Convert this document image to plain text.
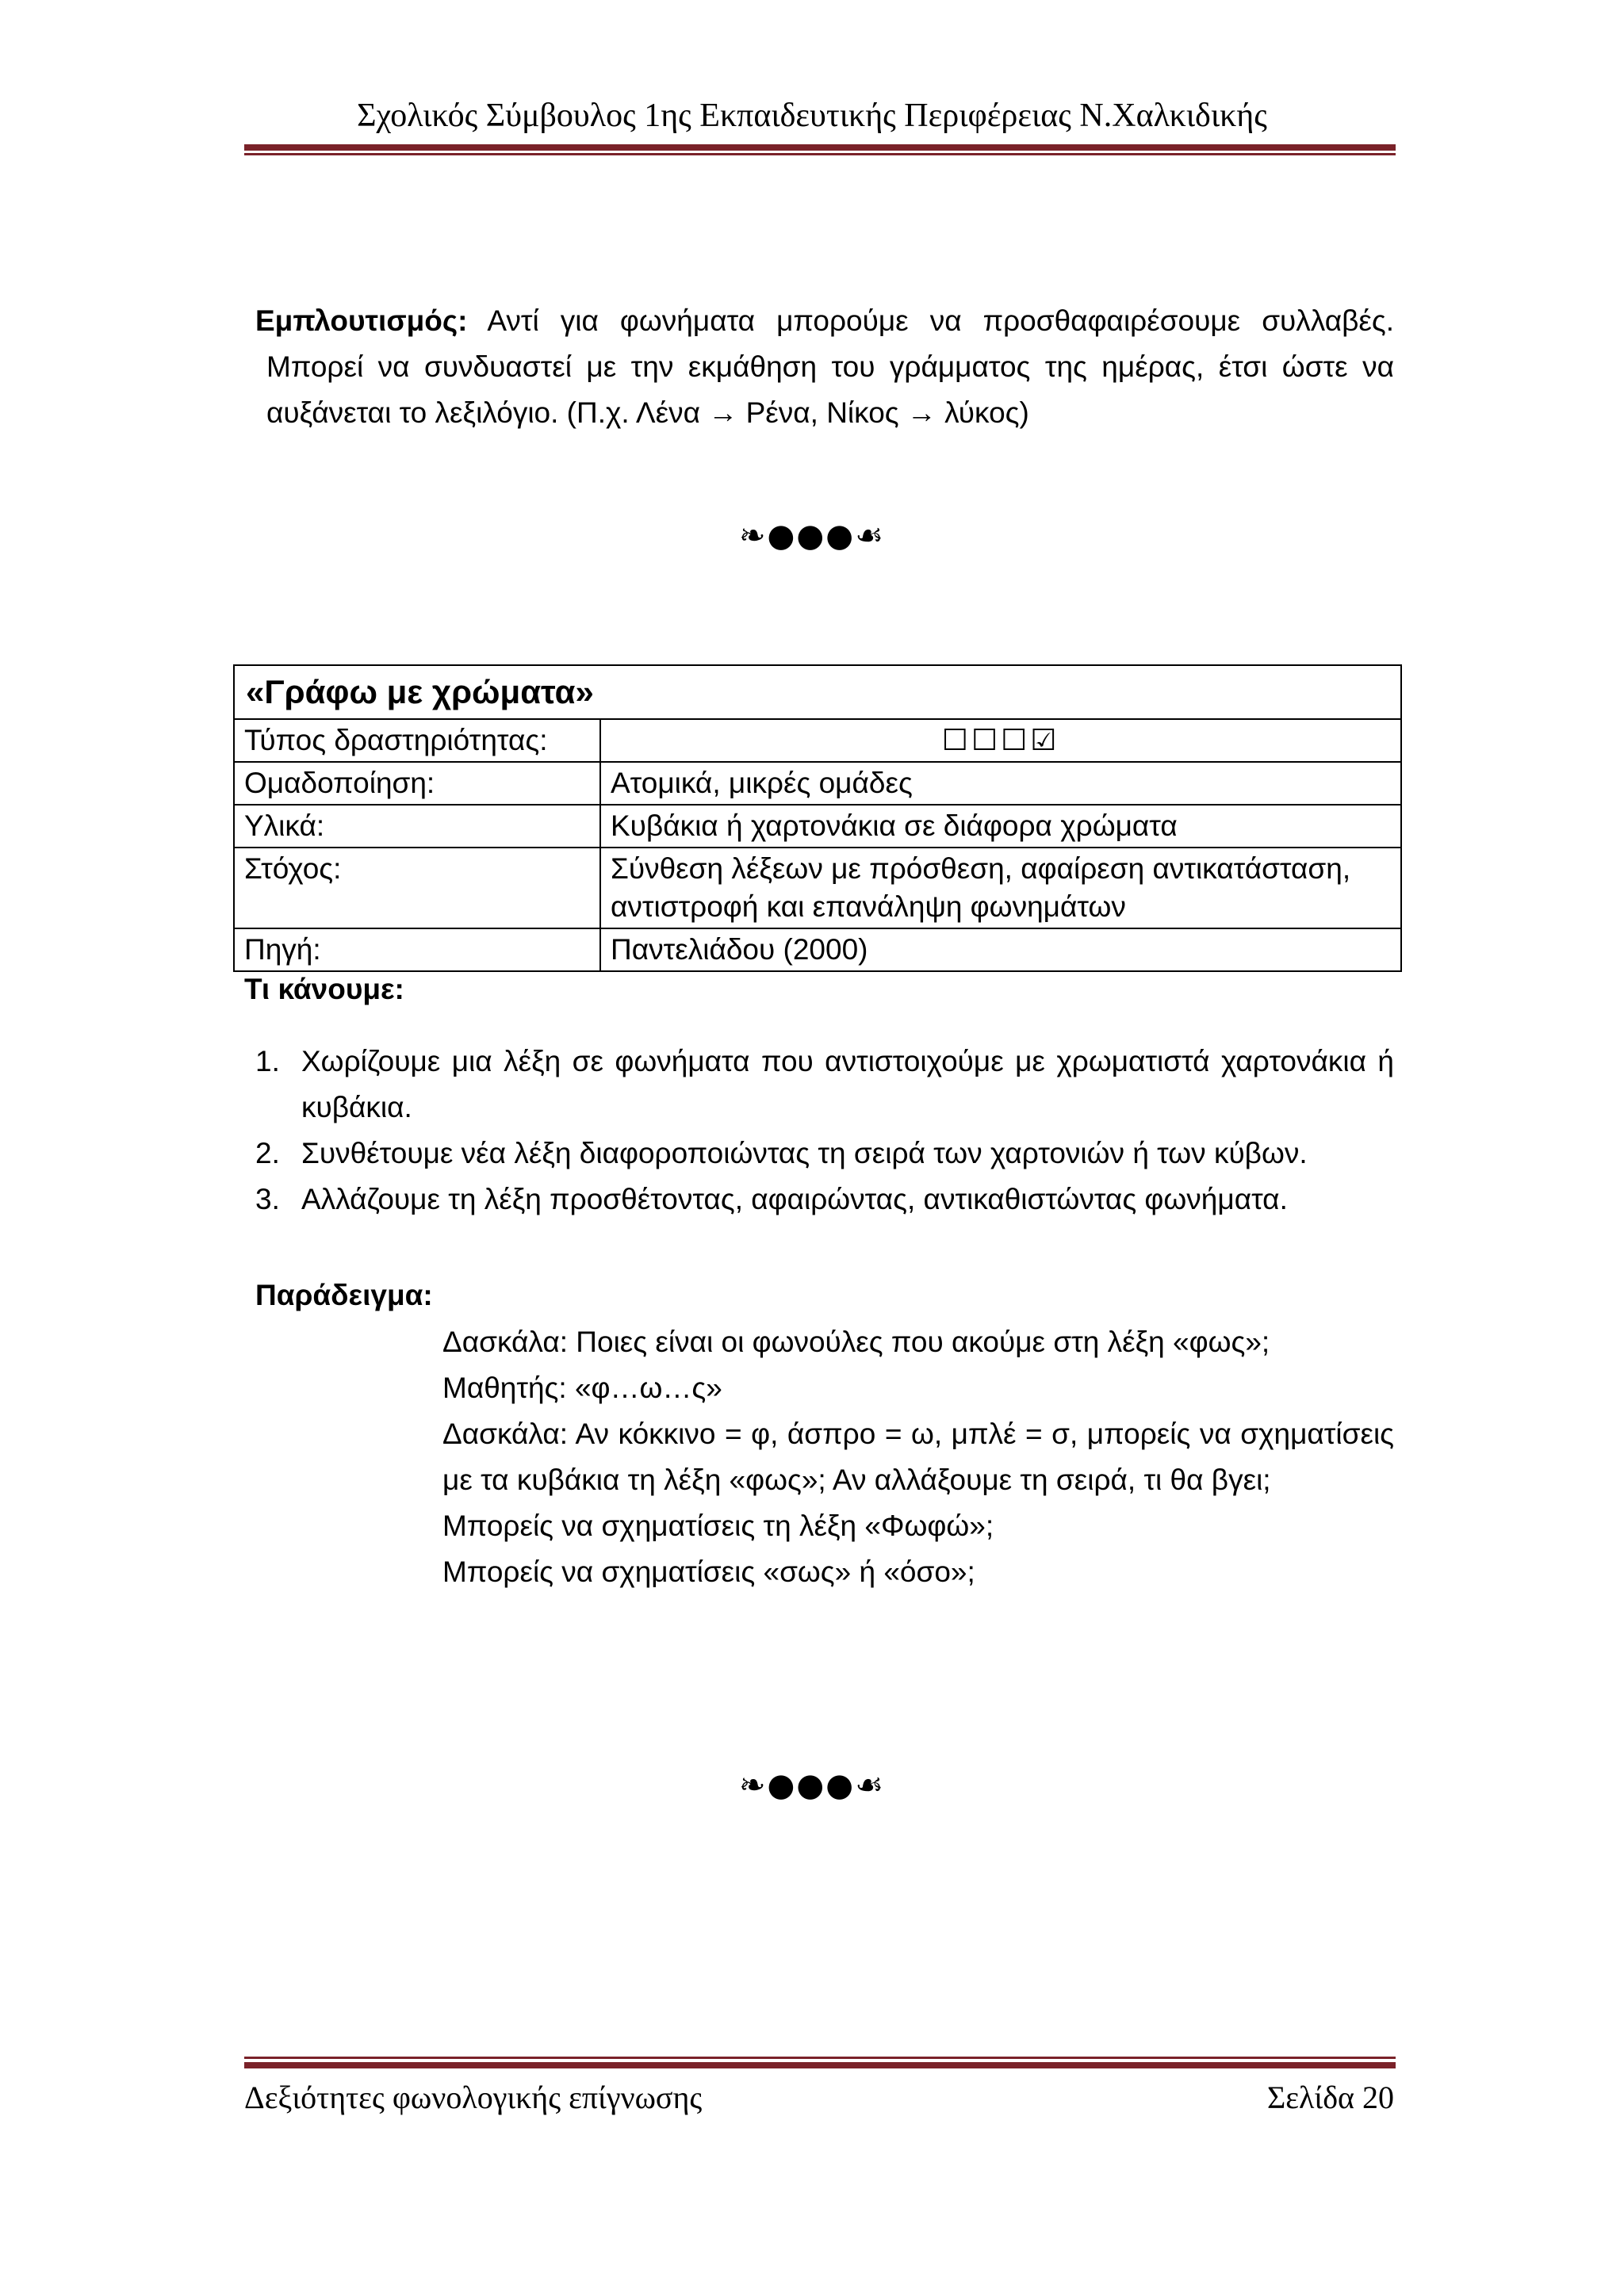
Σχολικός Σύμβουλος 1ης Εκπαιδευτικής Περιφέρειας Ν.Χαλκιδικής
Εμπλουτισμός: Αντί για φωνήματα μπορούμε να προσθαφαιρέσουμε συλλαβές.
Μπορεί να συνδυαστεί με την εκμάθηση του γράμματος της ημέρας, έτσι ώστε να
αυξάνεται το λεξιλόγιο. (Π.χ. Λένα → Ρένα, Νίκος → λύκος)
❧●●●☙
«Γράφω με χρώματα»	
Τύπος δραστηριότητας:	☐☐☐☑
Ομαδοποίηση:	Ατομικά, μικρές ομάδες
Υλικά:	Κυβάκια ή χαρτονάκια σε διάφορα χρώματα
Στόχος:	Σύνθεση λέξεων με πρόσθεση, αφαίρεση αντικατάσταση, αντιστροφή και επανάληψη φωνημάτων
Πηγή:	Παντελιάδου (2000)
Τι κάνουμε:
1. Χωρίζουμε μια λέξη σε φωνήματα που αντιστοιχούμε με χρωματιστά χαρτονάκια ή κυβάκια.
2. Συνθέτουμε νέα λέξη διαφοροποιώντας τη σειρά των χαρτονιών ή των κύβων.
3. Αλλάζουμε τη λέξη προσθέτοντας, αφαιρώντας, αντικαθιστώντας φωνήματα.
Παράδειγμα:

Δασκάλα: Ποιες είναι οι φωνούλες που ακούμε στη λέξη «φως»;

Μαθητής: «φ…ω…ς»

Δασκάλα: Αν κόκκινο = φ, άσπρο = ω, μπλέ = σ, μπορείς να σχηματίσεις με τα κυβάκια τη λέξη «φως»; Αν αλλάξουμε τη σειρά, τι θα βγει;

Μπορείς να σχηματίσεις τη λέξη «Φωφώ»;

Μπορείς να σχηματίσεις «σως» ή «όσο»;

❧●●●☙
Δεξιότητες φωνολογικής επίγνωσης	Σελίδα 20
